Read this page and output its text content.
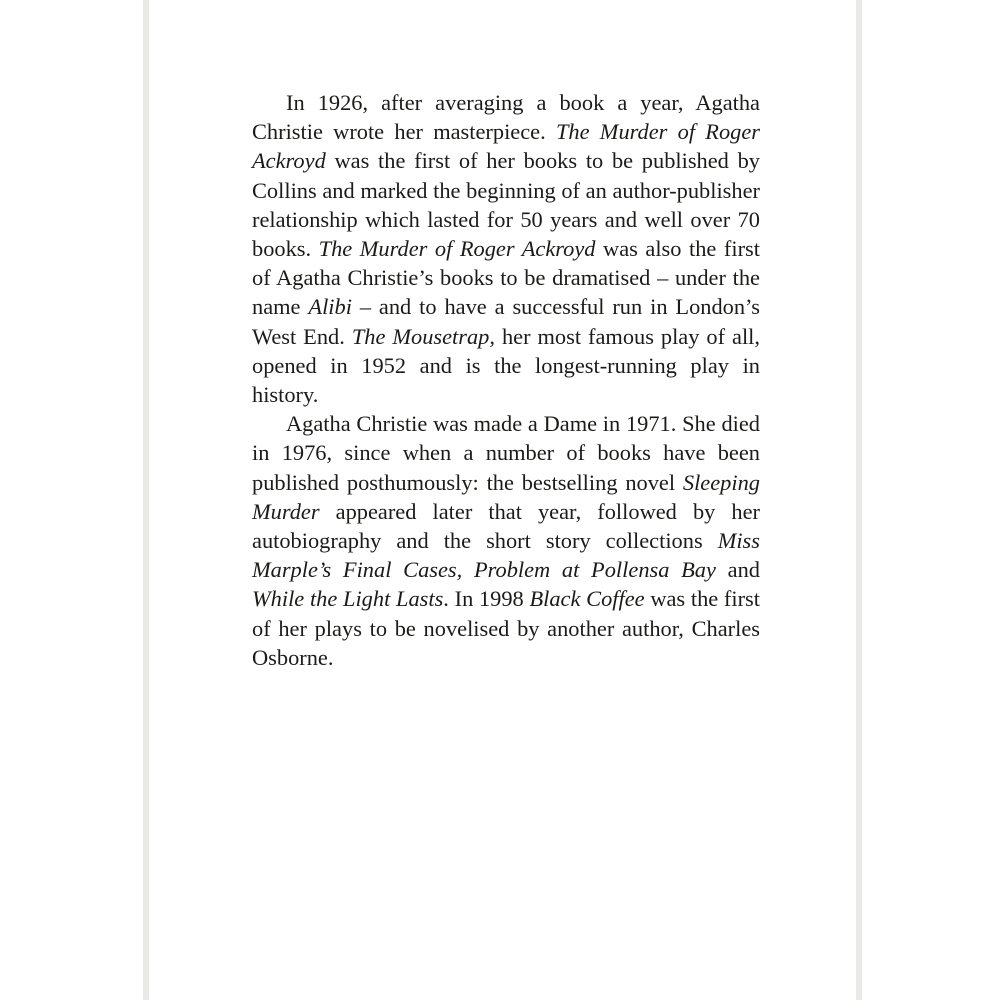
In 1926, after averaging a book a year, Agatha Christie wrote her masterpiece. The Murder of Roger Ackroyd was the first of her books to be published by Collins and marked the beginning of an author-publisher relationship which lasted for 50 years and well over 70 books. The Murder of Roger Ackroyd was also the first of Agatha Christie’s books to be dramatised – under the name Alibi – and to have a successful run in London’s West End. The Mousetrap, her most famous play of all, opened in 1952 and is the longest-running play in history.

Agatha Christie was made a Dame in 1971. She died in 1976, since when a number of books have been published posthumously: the bestselling novel Sleeping Murder appeared later that year, followed by her autobiography and the short story collections Miss Marple’s Final Cases, Problem at Pollensa Bay and While the Light Lasts. In 1998 Black Coffee was the first of her plays to be novelised by another author, Charles Osborne.
